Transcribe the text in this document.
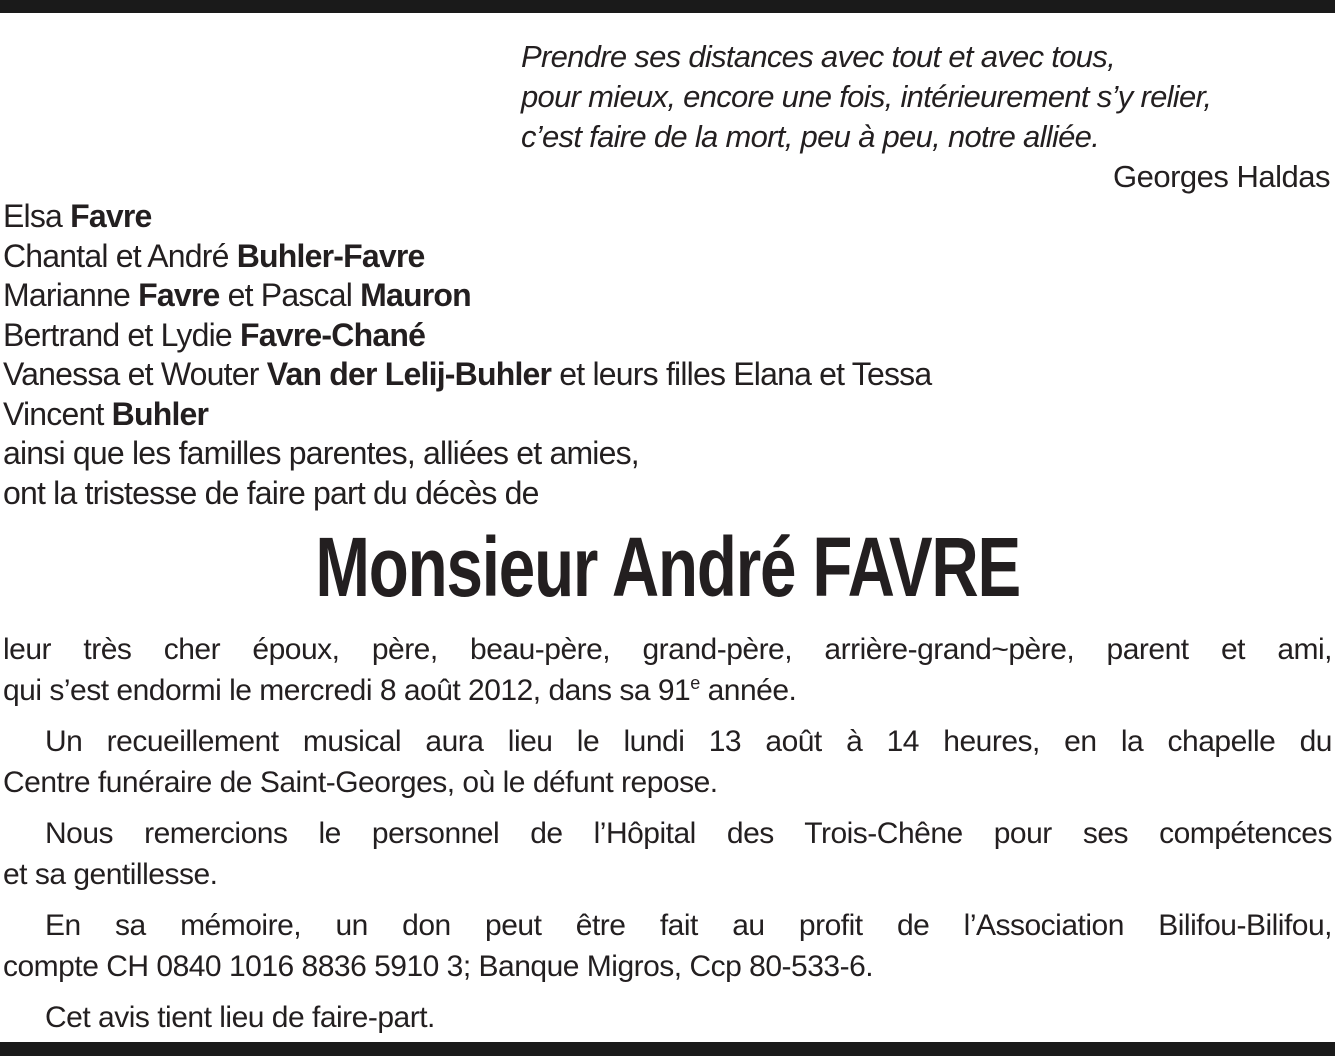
Prendre ses distances avec tout et avec tous,
pour mieux, encore une fois, intérieurement s’y relier,
c’est faire de la mort, peu à peu, notre alliée.
Georges Haldas
Elsa Favre
Chantal et André Buhler-Favre
Marianne Favre et Pascal Mauron
Bertrand et Lydie Favre-Chané
Vanessa et Wouter Van der Lelij-Buhler et leurs filles Elana et Tessa
Vincent Buhler
ainsi que les familles parentes, alliées et amies,
ont la tristesse de faire part du décès de
Monsieur André FAVRE
leur très cher époux, père, beau-père, grand-père, arrière-grand~père, parent et ami,
qui s’est endormi le mercredi 8 août 2012, dans sa 91e année.
Un recueillement musical aura lieu le lundi 13 août à 14 heures, en la chapelle du
Centre funéraire de Saint-Georges, où le défunt repose.
Nous remercions le personnel de l’Hôpital des Trois-Chêne pour ses compétences
et sa gentillesse.
En sa mémoire, un don peut être fait au profit de l’Association Bilifou-Bilifou,
compte CH 0840 1016 8836 5910 3; Banque Migros, Ccp 80-533-6.
Cet avis tient lieu de faire-part.
